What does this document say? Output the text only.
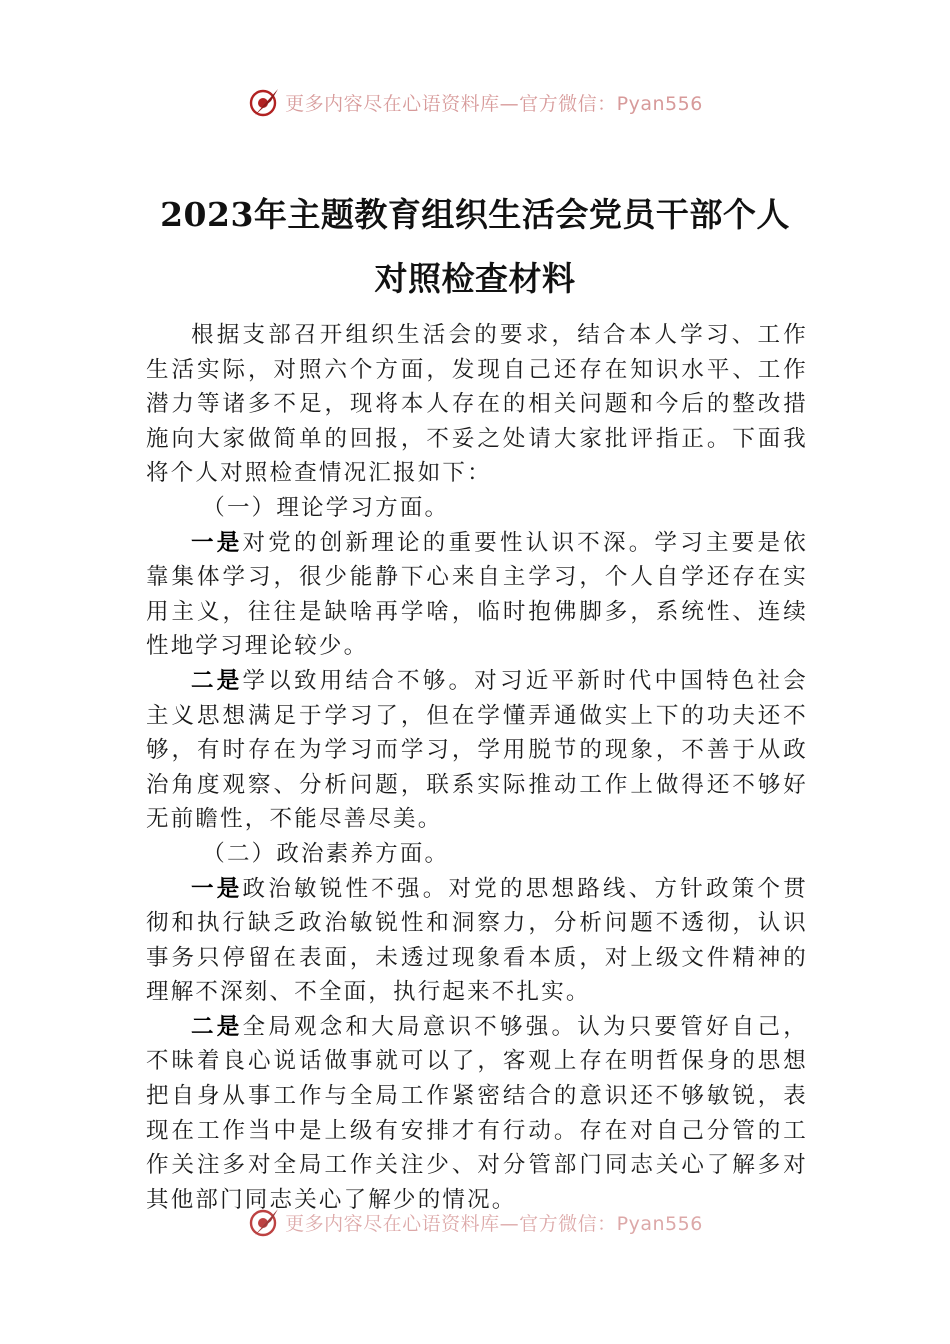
更多内容尽在心语资料库—官方微信：Pyan556
2023年主题教育组织生活会党员干部个人
对照检查材料

根据支部召开组织生活会的要求，结合本人学习、工作生活实际，对照六个方面，发现自己还存在知识水平、工作潜力等诸多不足，现将本人存在的相关问题和今后的整改措施向大家做简单的回报，不妥之处请大家批评指正。下面我将个人对照检查情况汇报如下：

（一）理论学习方面。

一是对党的创新理论的重要性认识不深。学习主要是依靠集体学习，很少能静下心来自主学习，个人自学还存在实用主义，往往是缺啥再学啥，临时抱佛脚多，系统性、连续性地学习理论较少。

二是学以致用结合不够。对习近平新时代中国特色社会主义思想满足于学习了，但在学懂弄通做实上下的功夫还不够，有时存在为学习而学习，学用脱节的现象，不善于从政治角度观察、分析问题，联系实际推动工作上做得还不够好无前瞻性，不能尽善尽美。

（二）政治素养方面。

一是政治敏锐性不强。对党的思想路线、方针政策个贯彻和执行缺乏政治敏锐性和洞察力，分析问题不透彻，认识事务只停留在表面，未透过现象看本质，对上级文件精神的理解不深刻、不全面，执行起来不扎实。

二是全局观念和大局意识不够强。认为只要管好自己，不昧着良心说话做事就可以了，客观上存在明哲保身的思想把自身从事工作与全局工作紧密结合的意识还不够敏锐，表现在工作当中是上级有安排才有行动。存在对自己分管的工作关注多对全局工作关注少、对分管部门同志关心了解多对其他部门同志关心了解少的情况。

更多内容尽在心语资料库—官方微信：Pyan556
